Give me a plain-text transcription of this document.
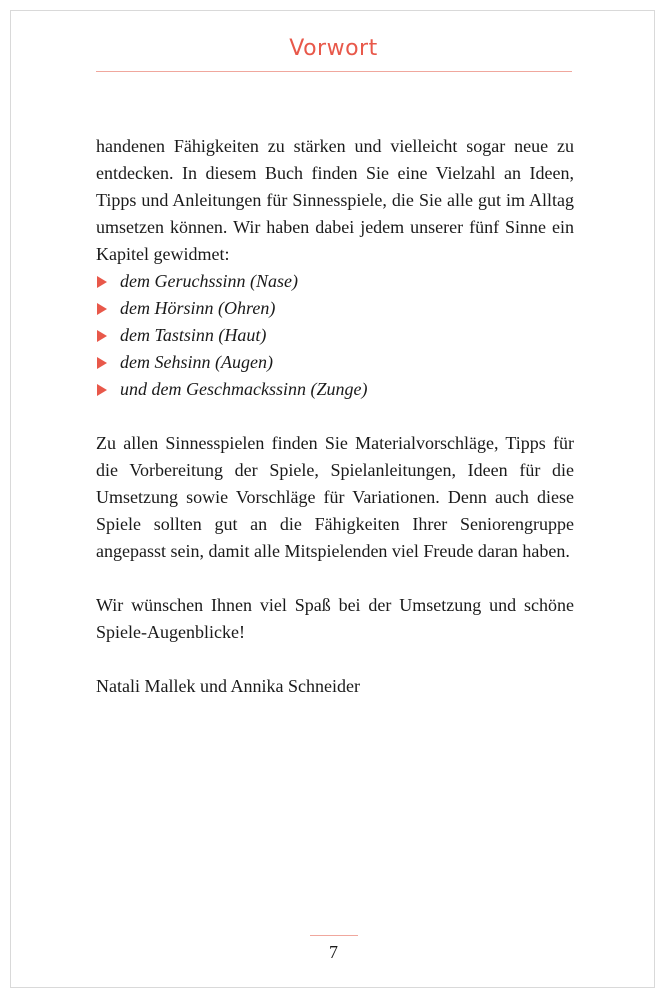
Vorwort

handenen Fähigkeiten zu stärken und vielleicht sogar neue zu entdecken. In diesem Buch finden Sie eine Vielzahl an Ideen, Tipps und Anleitungen für Sinnesspiele, die Sie alle gut im Alltag umsetzen können. Wir haben dabei jedem unserer fünf Sinne ein Kapitel gewidmet:

dem Geruchssinn (Nase)
dem Hörsinn (Ohren)
dem Tastsinn (Haut)
dem Sehsinn (Augen)
und dem Geschmackssinn (Zunge)

Zu allen Sinnesspielen finden Sie Materialvorschläge, Tipps für die Vorbereitung der Spiele, Spielanleitungen, Ideen für die Umsetzung sowie Vorschläge für Variationen. Denn auch diese Spiele sollten gut an die Fähigkeiten Ihrer Seniorengruppe angepasst sein, damit alle Mitspielenden viel Freude daran haben.

Wir wünschen Ihnen viel Spaß bei der Umsetzung und schöne Spiele-Augenblicke!

Natali Mallek und Annika Schneider

7
